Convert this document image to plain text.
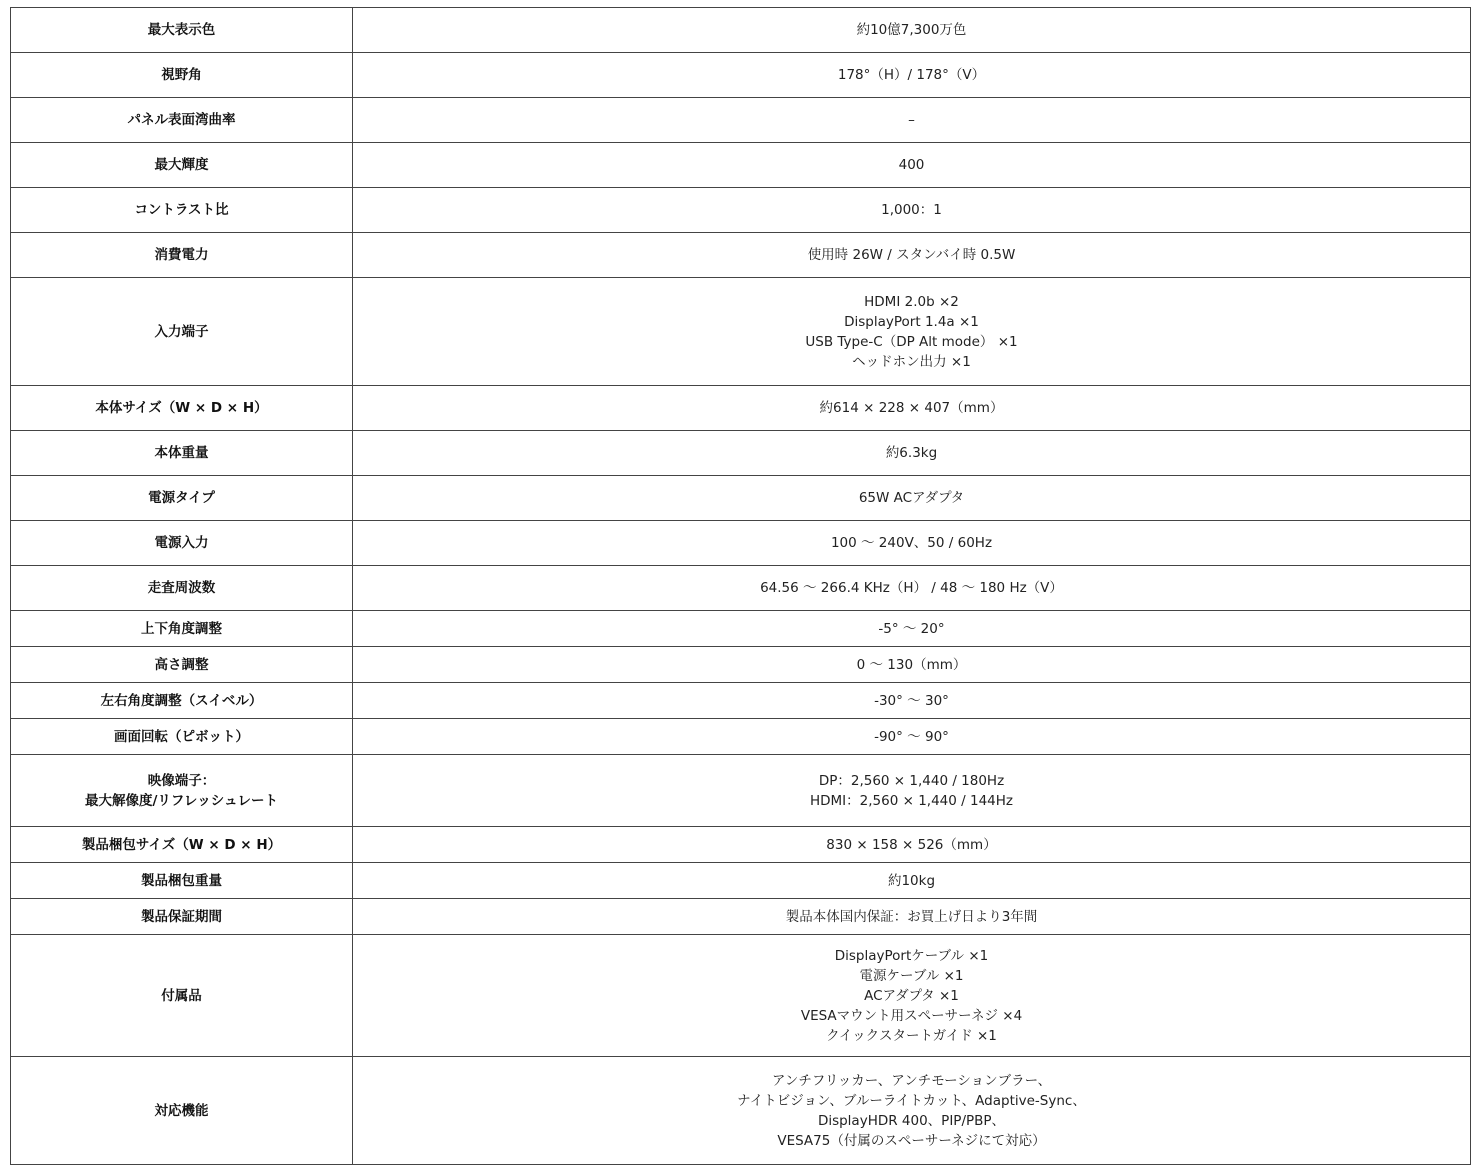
最大表示色	約10億7,300万色
視野角	178°（H）/ 178°（V）
パネル表面湾曲率	–
最大輝度	400
コントラスト比	1,000：1
消費電力	使用時 26W / スタンバイ時 0.5W
入力端子	HDMI 2.0b ×2
DisplayPort 1.4a ×1
USB Type-C（DP Alt mode） ×1
ヘッドホン出力 ×1
本体サイズ（W × D × H）	約614 × 228 × 407（mm）
本体重量	約6.3kg
電源タイプ	65W ACアダプタ
電源入力	100 ～ 240V、50 / 60Hz
走査周波数	64.56 ～ 266.4 KHz（H） / 48 ～ 180 Hz（V）
上下角度調整	-5° ～ 20°
高さ調整	0 ～ 130（mm）
左右角度調整（スイベル）	-30° ～ 30°
画面回転（ピボット）	-90° ～ 90°
映像端子：
最大解像度/リフレッシュレート	DP：2,560 × 1,440 / 180Hz
HDMI：2,560 × 1,440 / 144Hz
製品梱包サイズ（W × D × H）	830 × 158 × 526（mm）
製品梱包重量	約10kg
製品保証期間	製品本体国内保証：お買上げ日より3年間
付属品	DisplayPortケーブル ×1
電源ケーブル ×1
ACアダプタ ×1
VESAマウント用スペーサーネジ ×4
クイックスタートガイド ×1
対応機能	アンチフリッカー、アンチモーションブラー、
ナイトビジョン、ブルーライトカット、Adaptive-Sync、
DisplayHDR 400、PIP/PBP、
VESA75（付属のスペーサーネジにて対応）
